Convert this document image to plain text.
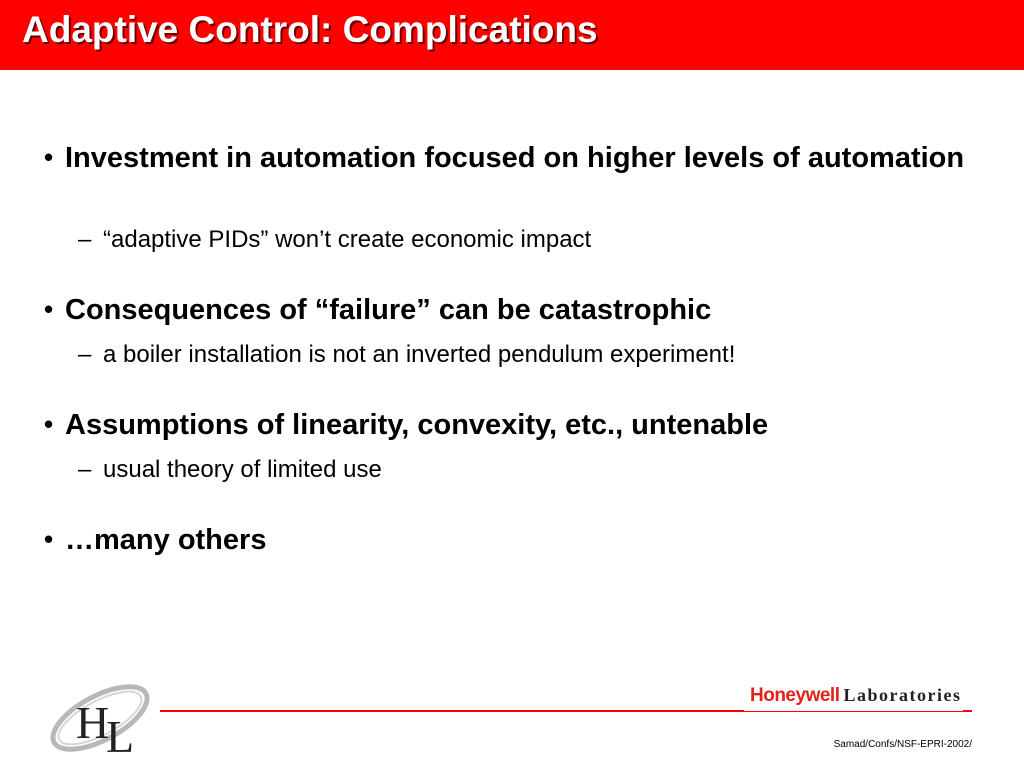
Adaptive Control: Complications
• Investment in automation focused on higher levels of automation
– “adaptive PIDs” won’t create economic impact
• Consequences of “failure” can be catastrophic
– a boiler installation is not an inverted pendulum experiment!
• Assumptions of linearity, convexity, etc., untenable
– usual theory of limited use
• …many others
H
L
Honeywell Laboratories
Samad/Confs/NSF-EPRI-2002/
